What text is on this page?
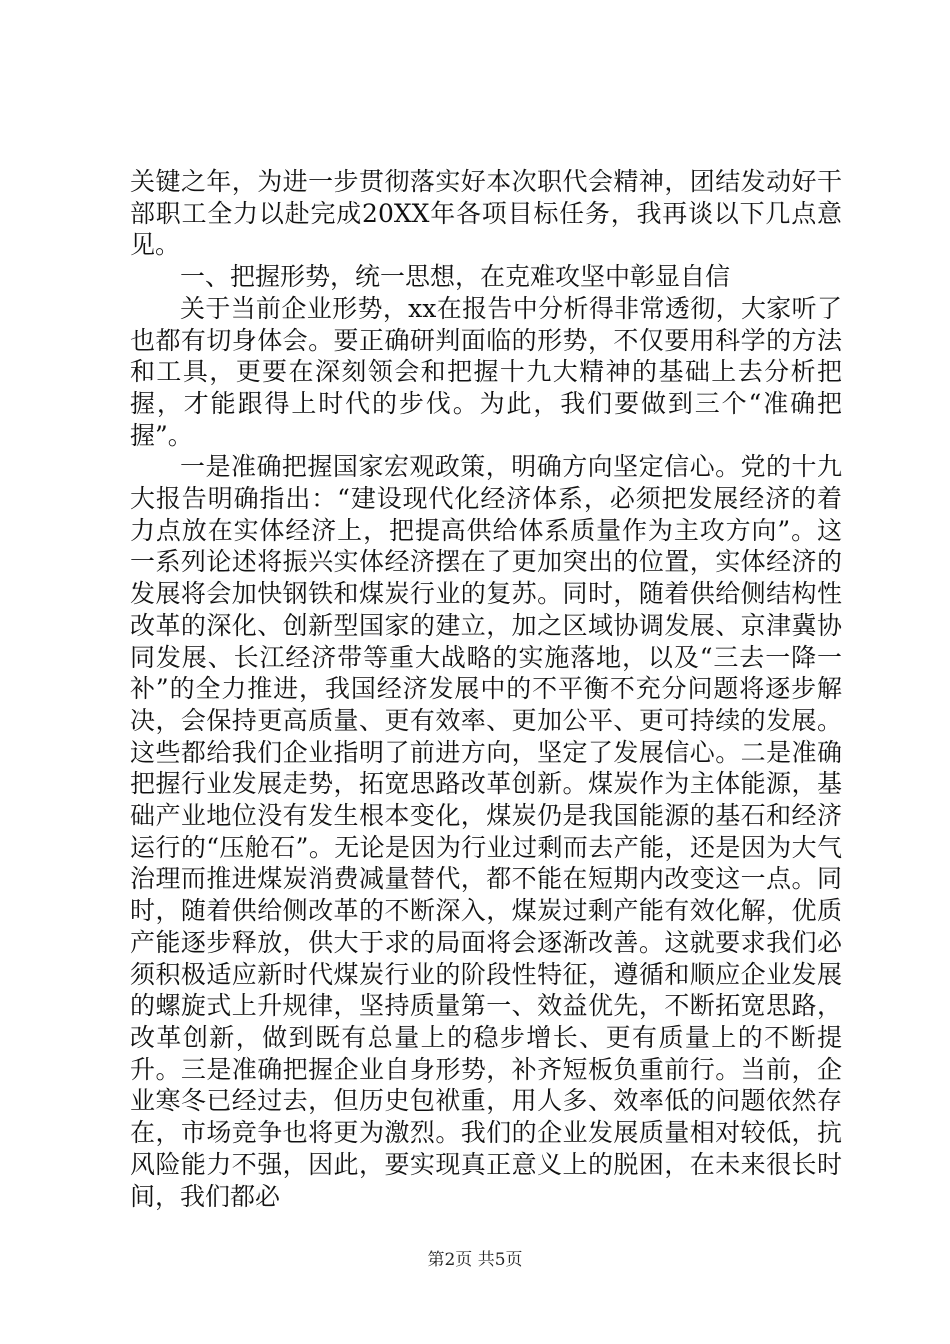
关键之年，为进一步贯彻落实好本次职代会精神，团结发动好干部职工全力以赴完成20XX年各项目标任务，我再谈以下几点意见。

一、把握形势，统一思想，在克难攻坚中彰显自信

关于当前企业形势，xx在报告中分析得非常透彻，大家听了也都有切身体会。要正确研判面临的形势，不仅要用科学的方法和工具，更要在深刻领会和把握十九大精神的基础上去分析把握，才能跟得上时代的步伐。为此，我们要做到三个“准确把握”。

一是准确把握国家宏观政策，明确方向坚定信心。党的十九大报告明确指出：“建设现代化经济体系，必须把发展经济的着力点放在实体经济上，把提高供给体系质量作为主攻方向”。这一系列论述将振兴实体经济摆在了更加突出的位置，实体经济的发展将会加快钢铁和煤炭行业的复苏。同时，随着供给侧结构性改革的深化、创新型国家的建立，加之区域协调发展、京津冀协同发展、长江经济带等重大战略的实施落地，以及“三去一降一补”的全力推进，我国经济发展中的不平衡不充分问题将逐步解决，会保持更高质量、更有效率、更加公平、更可持续的发展。这些都给我们企业指明了前进方向，坚定了发展信心。二是准确把握行业发展走势，拓宽思路改革创新。煤炭作为主体能源，基础产业地位没有发生根本变化，煤炭仍是我国能源的基石和经济运行的“压舱石”。无论是因为行业过剩而去产能，还是因为大气治理而推进煤炭消费减量替代，都不能在短期内改变这一点。同时，随着供给侧改革的不断深入，煤炭过剩产能有效化解，优质产能逐步释放，供大于求的局面将会逐渐改善。这就要求我们必须积极适应新时代煤炭行业的阶段性特征，遵循和顺应企业发展的螺旋式上升规律，坚持质量第一、效益优先，不断拓宽思路，改革创新，做到既有总量上的稳步增长、更有质量上的不断提升。三是准确把握企业自身形势，补齐短板负重前行。当前，企业寒冬已经过去，但历史包袱重，用人多、效率低的问题依然存在，市场竞争也将更为激烈。我们的企业发展质量相对较低，抗风险能力不强，因此，要实现真正意义上的脱困，在未来很长时间，我们都必

第2页 共5页
